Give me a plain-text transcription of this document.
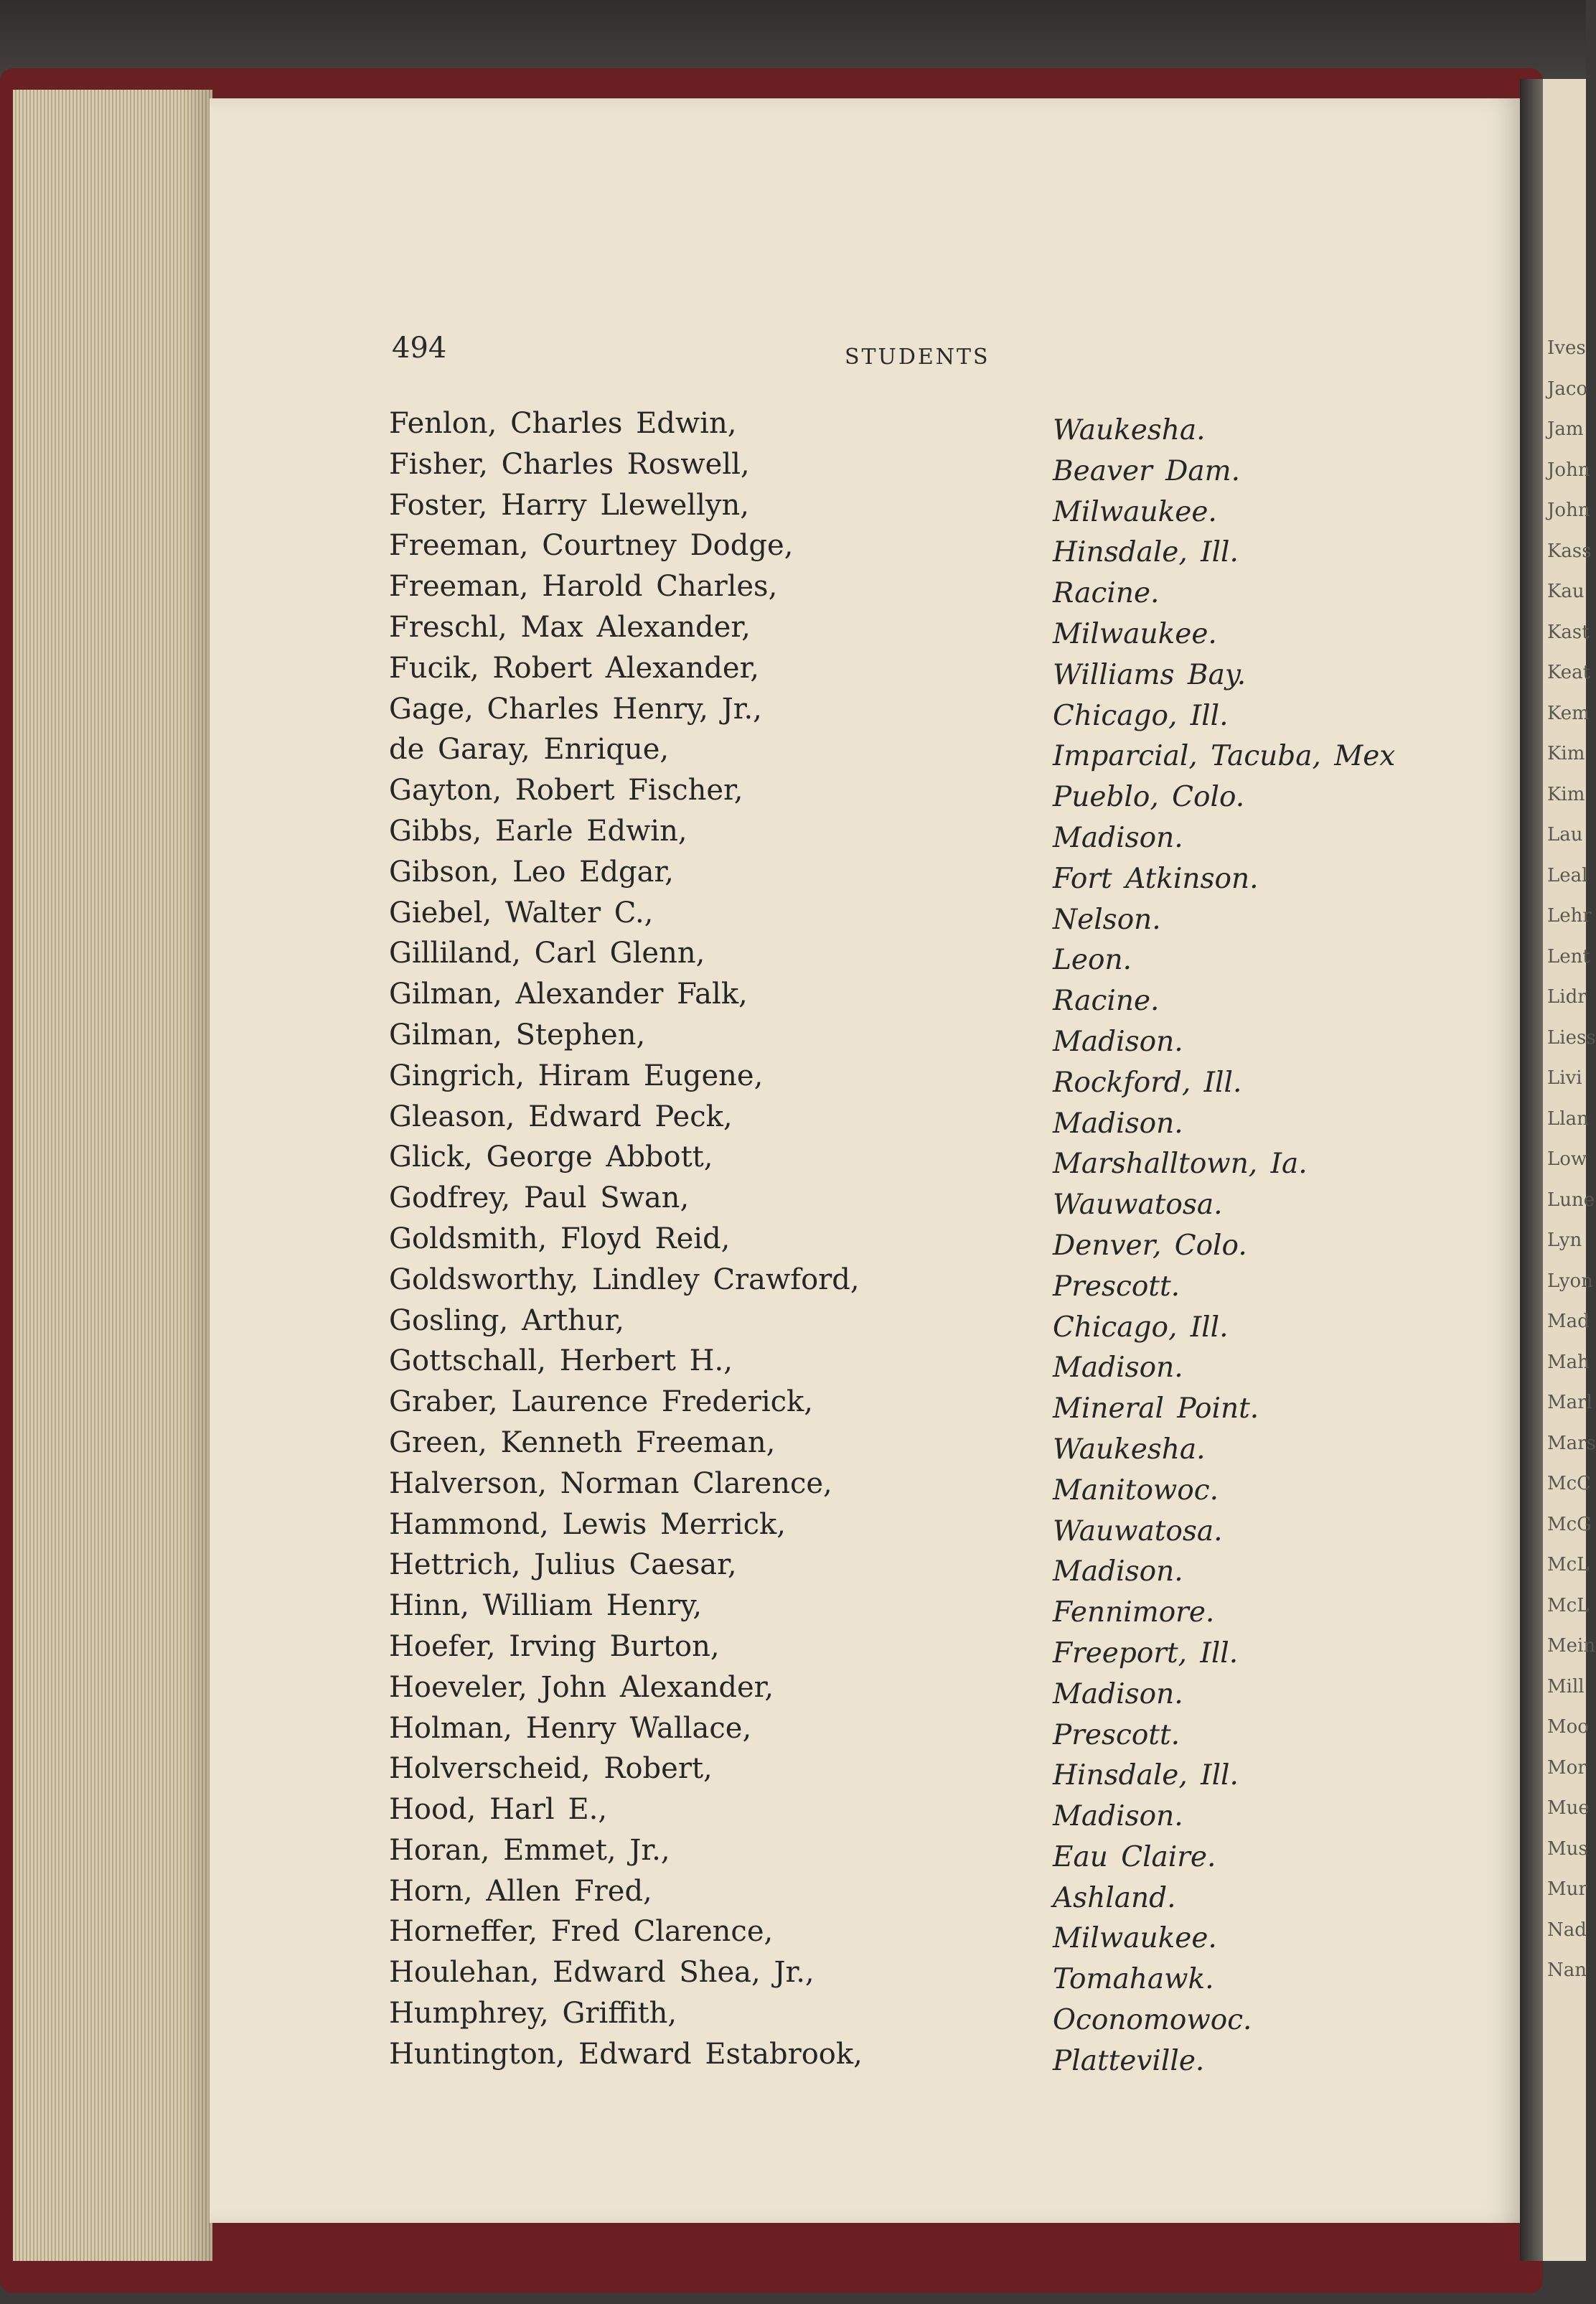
494	STUDENTS
Fenlon, Charles Edwin,	Waukesha.
Fisher, Charles Roswell,	Beaver Dam.
Foster, Harry Llewellyn,	Milwaukee.
Freeman, Courtney Dodge,	Hinsdale, Ill.
Freeman, Harold Charles,	Racine.
Freschl, Max Alexander,	Milwaukee.
Fucik, Robert Alexander,	Williams Bay.
Gage, Charles Henry, Jr.,	Chicago, Ill.
de Garay, Enrique,	Imparcial, Tacuba, Mex
Gayton, Robert Fischer,	Pueblo, Colo.
Gibbs, Earle Edwin,	Madison.
Gibson, Leo Edgar,	Fort Atkinson.
Giebel, Walter C.,	Nelson.
Gilliland, Carl Glenn,	Leon.
Gilman, Alexander Falk,	Racine.
Gilman, Stephen,	Madison.
Gingrich, Hiram Eugene,	Rockford, Ill.
Gleason, Edward Peck,	Madison.
Glick, George Abbott,	Marshalltown, Ia.
Godfrey, Paul Swan,	Wauwatosa.
Goldsmith, Floyd Reid,	Denver, Colo.
Goldsworthy, Lindley Crawford,	Prescott.
Gosling, Arthur,	Chicago, Ill.
Gottschall, Herbert H.,	Madison.
Graber, Laurence Frederick,	Mineral Point.
Green, Kenneth Freeman,	Waukesha.
Halverson, Norman Clarence,	Manitowoc.
Hammond, Lewis Merrick,	Wauwatosa.
Hettrich, Julius Caesar,	Madison.
Hinn, William Henry,	Fennimore.
Hoefer, Irving Burton,	Freeport, Ill.
Hoeveler, John Alexander,	Madison.
Holman, Henry Wallace,	Prescott.
Holverscheid, Robert,	Hinsdale, Ill.
Hood, Harl E.,	Madison.
Horan, Emmet, Jr.,	Eau Claire.
Horn, Allen Fred,	Ashland.
Horneffer, Fred Clarence,	Milwaukee.
Houlehan, Edward Shea, Jr.,	Tomahawk.
Humphrey, Griffith,	Oconomowoc.
Huntington, Edward Estabrook,	Platteville.
Ives
Jaco
Jam
John
John
Kass
Kau
Kast
Keat
Kem
Kim
Kim
Lau
Leal
Lehr
Lent
Lidr
Liess
Livi
Llan
Low
Lune
Lyn
Lyon
Mad
Mah
Marl
Mars
McC
McG
McL
McL
Mein
Mill
Moo
Mor
Mue
Mus
Mur
Nad
Nan
